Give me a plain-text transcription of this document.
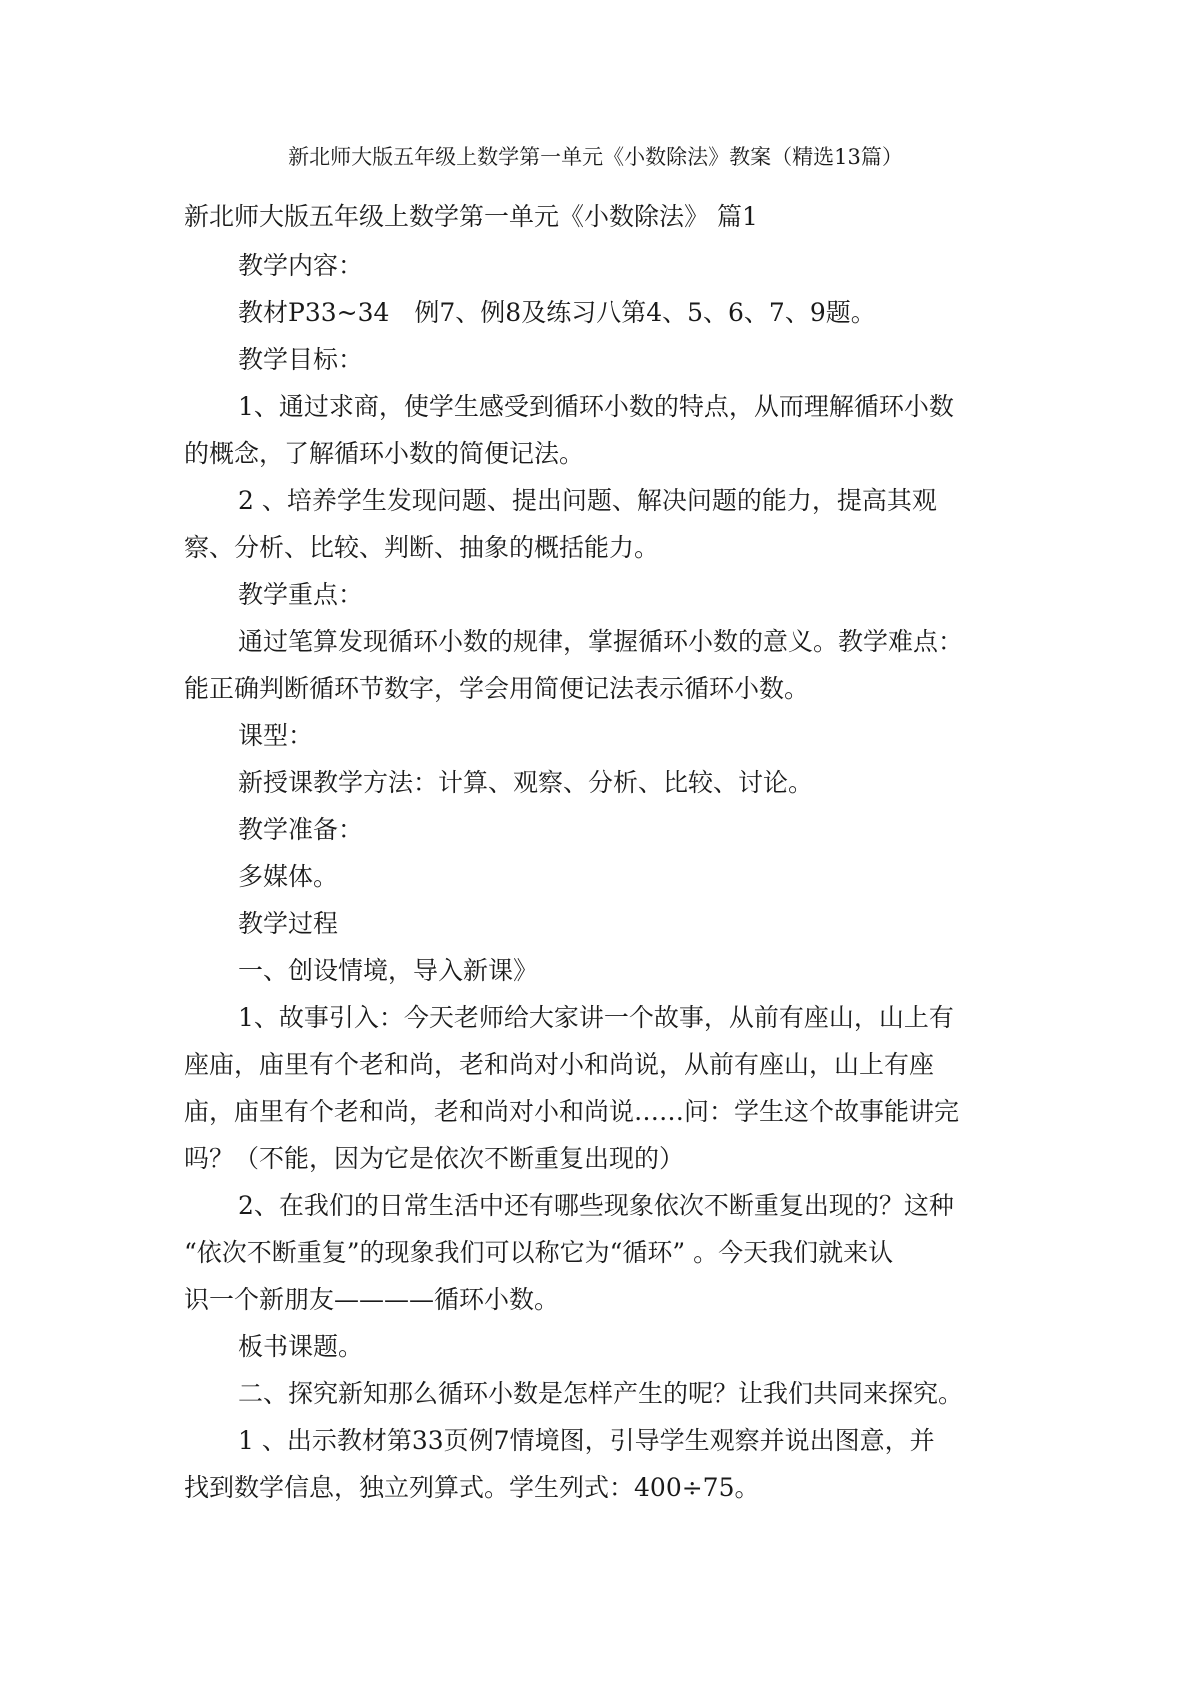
新北师大版五年级上数学第一单元《小数除法》教案（精选13篇）
新北师大版五年级上数学第一单元《小数除法》 篇1

教学内容：

教材P33~34　例7、例8及练习八第4、5、6、7、9题。

教学目标：

1、通过求商，使学生感受到循环小数的特点，从而理解循环小数
的概念，了解循环小数的简便记法。

2 、培养学生发现问题、提出问题、解决问题的能力，提高其观
察、分析、比较、判断、抽象的概括能力。

教学重点：

通过笔算发现循环小数的规律，掌握循环小数的意义。教学难点：
能正确判断循环节数字，学会用简便记法表示循环小数。

课型：

新授课教学方法：计算、观察、分析、比较、讨论。

教学准备：

多媒体。

教学过程

一、创设情境，导入新课》

1、故事引入：今天老师给大家讲一个故事，从前有座山，山上有
座庙，庙里有个老和尚，老和尚对小和尚说，从前有座山，山上有座
庙，庙里有个老和尚，老和尚对小和尚说……问：学生这个故事能讲完
吗？（不能，因为它是依次不断重复出现的）

2、在我们的日常生活中还有哪些现象依次不断重复出现的？这种
“依次不断重复”的现象我们可以称它为“循环” 。今天我们就来认
识一个新朋友————循环小数。

板书课题。

二、探究新知那么循环小数是怎样产生的呢？让我们共同来探究。

1 、出示教材第33页例7情境图，引导学生观察并说出图意，并
找到数学信息，独立列算式。学生列式：400÷75。
